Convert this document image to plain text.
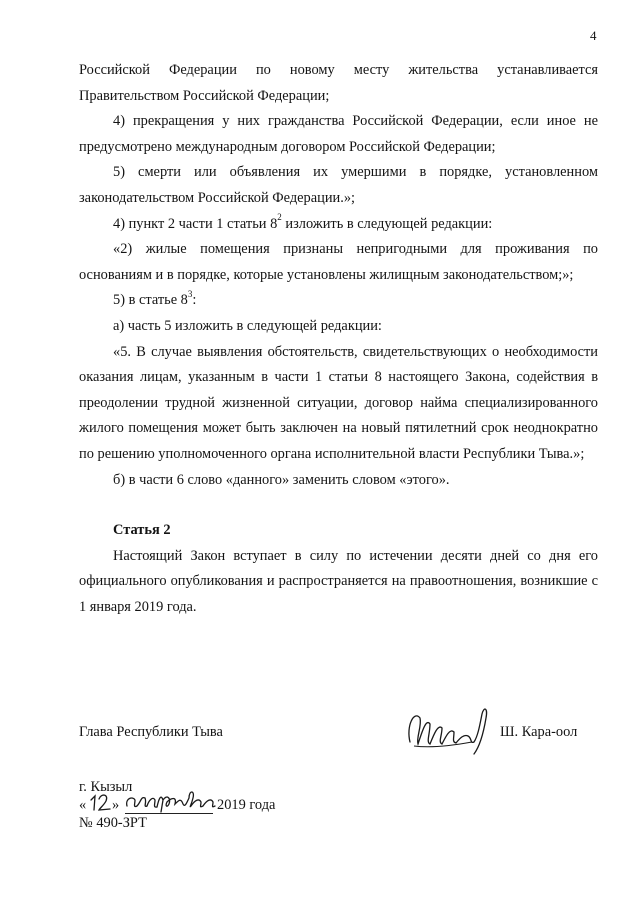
4

Российской Федерации по новому месту жительства устанавливается Правительством Российской Федерации;

4) прекращения у них гражданства Российской Федерации, если иное не предусмотрено международным договором Российской Федерации;

5) смерти или объявления их умершими в порядке, установленном законодательством Российской Федерации.»;

4) пункт 2 части 1 статьи $8^2$ изложить в следующей редакции:

«2) жилые помещения признаны непригодными для проживания по основаниям и в порядке, которые установлены жилищным законодательством;»;

5) в статье $8^3$:

а) часть 5 изложить в следующей редакции:

«5. В случае выявления обстоятельств, свидетельствующих о необходимости оказания лицам, указанным в части 1 статьи 8 настоящего Закона, содействия в преодолении трудной жизненной ситуации, договор найма специализированного жилого помещения может быть заключен на новый пятилетний срок неоднократно по решению уполномоченного органа исполнительной власти Республики Тыва.»;

б) в части 6 слово «данного» заменить словом «этого».

Статья 2

Настоящий Закон вступает в силу по истечении десяти дней со дня его официального опубликования и распространяется на правоотношения, возникшие с 1 января 2019 года.

Глава Республики Тыва	Ш. Кара-оол
г. Кызыл
« »	2019 года
№ 490-ЗРТ
